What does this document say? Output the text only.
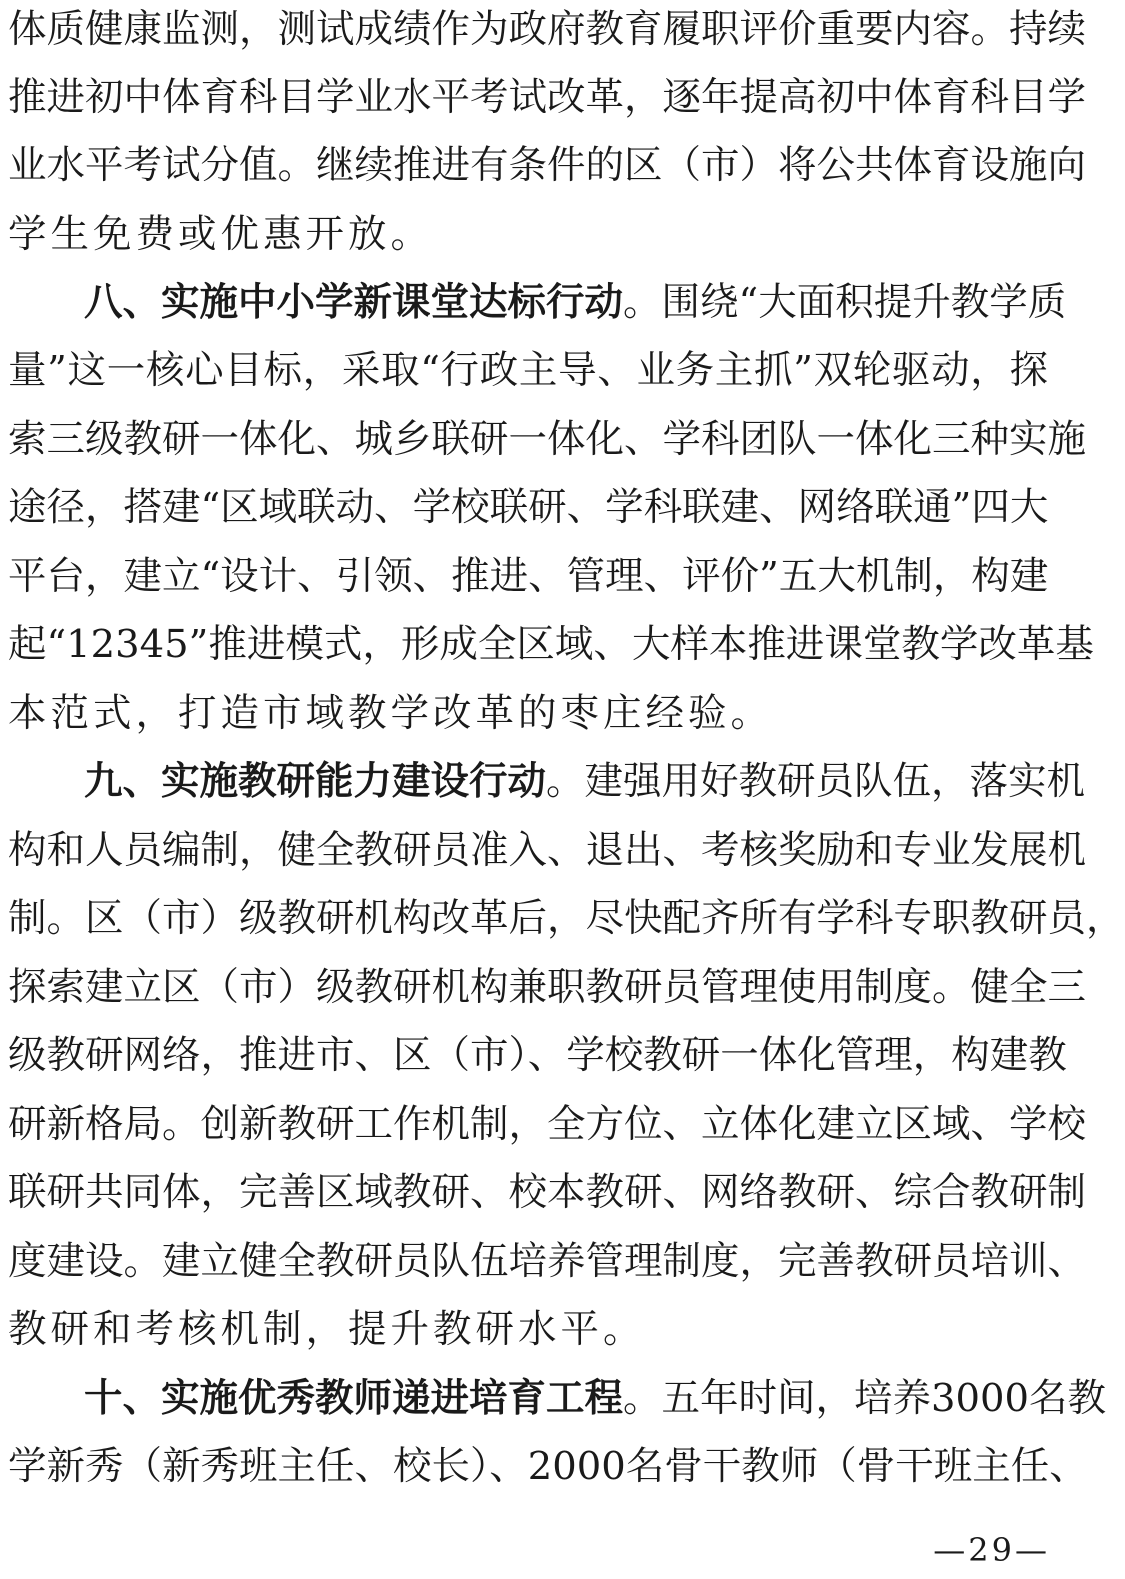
体质健康监测，测试成绩作为政府教育履职评价重要内容。持续
推进初中体育科目学业水平考试改革，逐年提高初中体育科目学
业水平考试分值。继续推进有条件的区（市）将公共体育设施向
学生免费或优惠开放。
八、实施中小学新课堂达标行动。围绕“大面积提升教学质
量”这一核心目标，采取“行政主导、业务主抓”双轮驱动，探
索三级教研一体化、城乡联研一体化、学科团队一体化三种实施
途径，搭建“区域联动、学校联研、学科联建、网络联通”四大
平台，建立“设计、引领、推进、管理、评价”五大机制，构建
起“12345”推进模式，形成全区域、大样本推进课堂教学改革基
本范式，打造市域教学改革的枣庄经验。
九、实施教研能力建设行动。建强用好教研员队伍，落实机
构和人员编制，健全教研员准入、退出、考核奖励和专业发展机
制。区（市）级教研机构改革后，尽快配齐所有学科专职教研员，
探索建立区（市）级教研机构兼职教研员管理使用制度。健全三
级教研网络，推进市、区（市）、学校教研一体化管理，构建教
研新格局。创新教研工作机制，全方位、立体化建立区域、学校
联研共同体，完善区域教研、校本教研、网络教研、综合教研制
度建设。建立健全教研员队伍培养管理制度，完善教研员培训、
教研和考核机制，提升教研水平。
十、实施优秀教师递进培育工程。五年时间，培养3000名教
学新秀（新秀班主任、校长）、2000名骨干教师（骨干班主任、
—29—
